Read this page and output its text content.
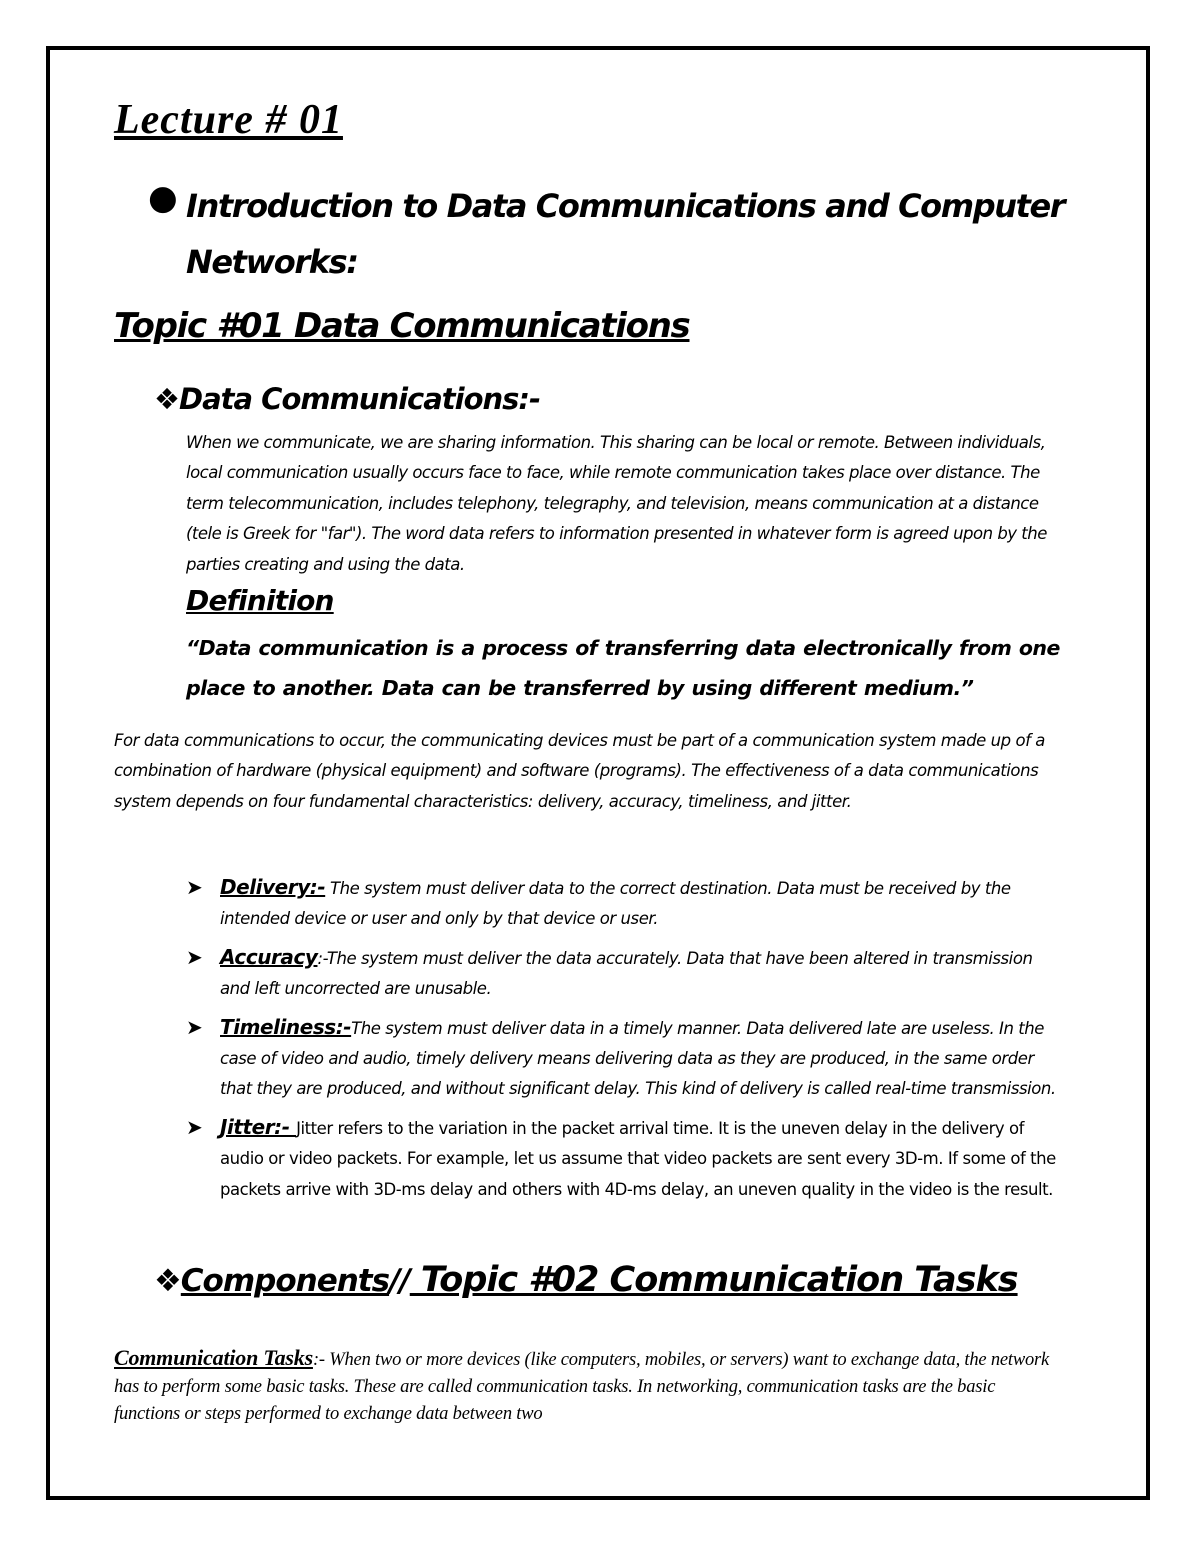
Lecture # 01
● Introduction to Data Communications and Computer Networks:
Topic #01 Data Communications
❖Data Communications:-

When we communicate, we are sharing information. This sharing can be local or remote. Between individuals, local communication usually occurs face to face, while remote communication takes place over distance. The term telecommunication, includes telephony, telegraphy, and television, means communication at a distance (tele is Greek for "far"). The word data refers to information presented in whatever form is agreed upon by the parties creating and using the data.

Definition

“Data communication is a process of transferring data electronically from one place to another. Data can be transferred by using different medium.”

For data communications to occur, the communicating devices must be part of a communication system made up of a combination of hardware (physical equipment) and software (programs). The effectiveness of a data communications system depends on four fundamental characteristics: delivery, accuracy, timeliness, and jitter.

➤ Delivery:- The system must deliver data to the correct destination. Data must be received by the intended device or user and only by that device or user.
➤ Accuracy:-The system must deliver the data accurately. Data that have been altered in transmission and left uncorrected are unusable.
➤ Timeliness:-The system must deliver data in a timely manner. Data delivered late are useless. In the case of video and audio, timely delivery means delivering data as they are produced, in the same order that they are produced, and without significant delay. This kind of delivery is called real-time transmission.
➤ Jitter:- Jitter refers to the variation in the packet arrival time. It is the uneven delay in the delivery of audio or video packets. For example, let us assume that video packets are sent every 3D-m. If some of the packets arrive with 3D-ms delay and others with 4D-ms delay, an uneven quality in the video is the result.
❖Components// Topic #02 Communication Tasks

Communication Tasks:- When two or more devices (like computers, mobiles, or servers) want to exchange data, the network has to perform some basic tasks. These are called communication tasks. In networking, communication tasks are the basic functions or steps performed to exchange data between two
